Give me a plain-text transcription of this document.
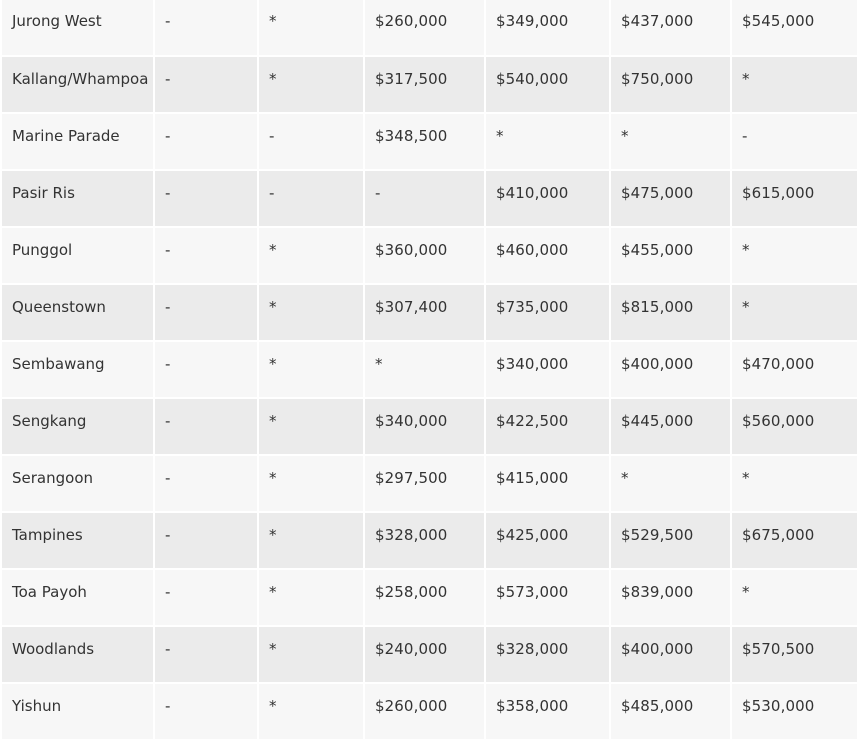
Jurong West	-	*	$260,000	$349,000	$437,000	$545,000
Kallang/Whampoa	-	*	$317,500	$540,000	$750,000	*
Marine Parade	-	-	$348,500	*	*	-
Pasir Ris	-	-	-	$410,000	$475,000	$615,000
Punggol	-	*	$360,000	$460,000	$455,000	*
Queenstown	-	*	$307,400	$735,000	$815,000	*
Sembawang	-	*	*	$340,000	$400,000	$470,000
Sengkang	-	*	$340,000	$422,500	$445,000	$560,000
Serangoon	-	*	$297,500	$415,000	*	*
Tampines	-	*	$328,000	$425,000	$529,500	$675,000
Toa Payoh	-	*	$258,000	$573,000	$839,000	*
Woodlands	-	*	$240,000	$328,000	$400,000	$570,500
Yishun	-	*	$260,000	$358,000	$485,000	$530,000
